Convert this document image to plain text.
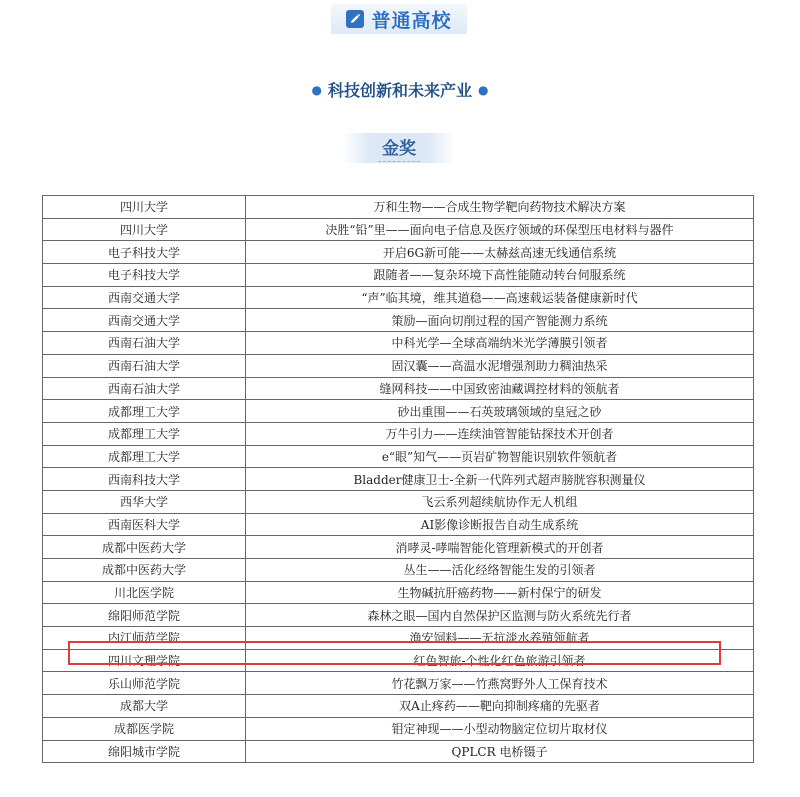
普通高校
● 科技创新和未来产业 ●
金奖
四川大学	万和生物——合成生物学靶向药物技术解决方案
四川大学	决胜“铅”里——面向电子信息及医疗领域的环保型压电材料与器件
电子科技大学	开启6G新可能——太赫兹高速无线通信系统
电子科技大学	跟随者——复杂环境下高性能随动转台伺服系统
西南交通大学	“声”临其境，维其道稳——高速载运装备健康新时代
西南交通大学	策励—面向切削过程的国产智能测力系统
西南石油大学	中科光学—全球高端纳米光学薄膜引领者
西南石油大学	固汉囊——高温水泥增强剂助力稠油热采
西南石油大学	缝网科技——中国致密油藏调控材料的领航者
成都理工大学	砂出重围——石英玻璃领域的皇冠之砂
成都理工大学	万牛引力——连续油管智能钻探技术开创者
成都理工大学	e“眼”知气——页岩矿物智能识别软件领航者
西南科技大学	Bladder健康卫士-全新一代阵列式超声膀胱容积测量仪
西华大学	飞云系列超续航协作无人机组
西南医科大学	AI影像诊断报告自动生成系统
成都中医药大学	消哮灵-哮喘智能化管理新模式的开创者
成都中医药大学	丛生——活化经络智能生发的引领者
川北医学院	生物碱抗肝癌药物——新村保宁的研发
绵阳师范学院	森林之眼—国内自然保护区监测与防火系统先行者
内江师范学院	渔安饲料——无抗淡水养殖领航者
四川文理学院	红色智旅-个性化红色旅游引领者
乐山师范学院	竹花飘万家——竹燕窝野外人工保育技术
成都大学	双A止疼药——靶向抑制疼痛的先驱者
成都医学院	钼定神现——小型动物脑定位切片取材仪
绵阳城市学院	QPLCR 电桥镊子
